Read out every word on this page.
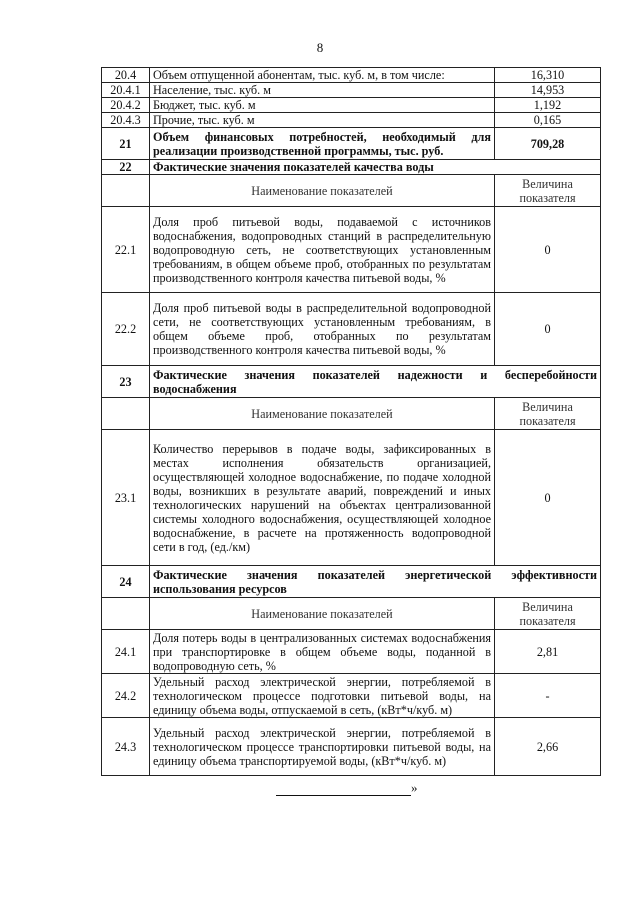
8
20.4	Объем отпущенной абонентам, тыс. куб. м, в том числе:	16,310
20.4.1	Население, тыс. куб. м	14,953
20.4.2	Бюджет, тыс. куб. м	1,192
20.4.3	Прочие, тыс. куб. м	0,165
21	Объем финансовых потребностей, необходимый для реализации производственной программы, тыс. руб.	709,28
22	Фактические значения показателей качества воды	
	Наименование показателей	Величина показателя
22.1	Доля проб питьевой воды, подаваемой с источников водоснабжения, водопроводных станций в распределительную водопроводную сеть, не соответствующих установленным требованиям, в общем объеме проб, отобранных по результатам производственного контроля качества питьевой воды, %	0
22.2	Доля проб питьевой воды в распределительной водопроводной сети, не соответствующих установленным требованиям, в общем объеме проб, отобранных по результатам производственного контроля качества питьевой воды, %	0
23	Фактические значения показателей надежности и бесперебойности водоснабжения	
	Наименование показателей	Величина показателя
23.1	Количество перерывов в подаче воды, зафиксированных в местах исполнения обязательств организацией, осуществляющей холодное водоснабжение, по подаче холодной воды, возникших в результате аварий, повреждений и иных технологических нарушений на объектах централизованной системы холодного водоснабжения, осуществляющей холодное водоснабжение, в расчете на протяженность водопроводной сети в год, (ед./км)	0
24	Фактические значения показателей энергетической эффективности использования ресурсов	
	Наименование показателей	Величина показателя
24.1	Доля потерь воды в централизованных системах водоснабжения при транспортировке в общем объеме воды, поданной в водопроводную сеть, %	2,81
24.2	Удельный расход электрической энергии, потребляемой в технологическом процессе подготовки питьевой воды, на единицу объема воды, отпускаемой в сеть, (кВт*ч/куб. м)	-
24.3	Удельный расход электрической энергии, потребляемой в технологическом процессе транспортировки питьевой воды, на единицу объема транспортируемой воды, (кВт*ч/куб. м)	2,66
»
